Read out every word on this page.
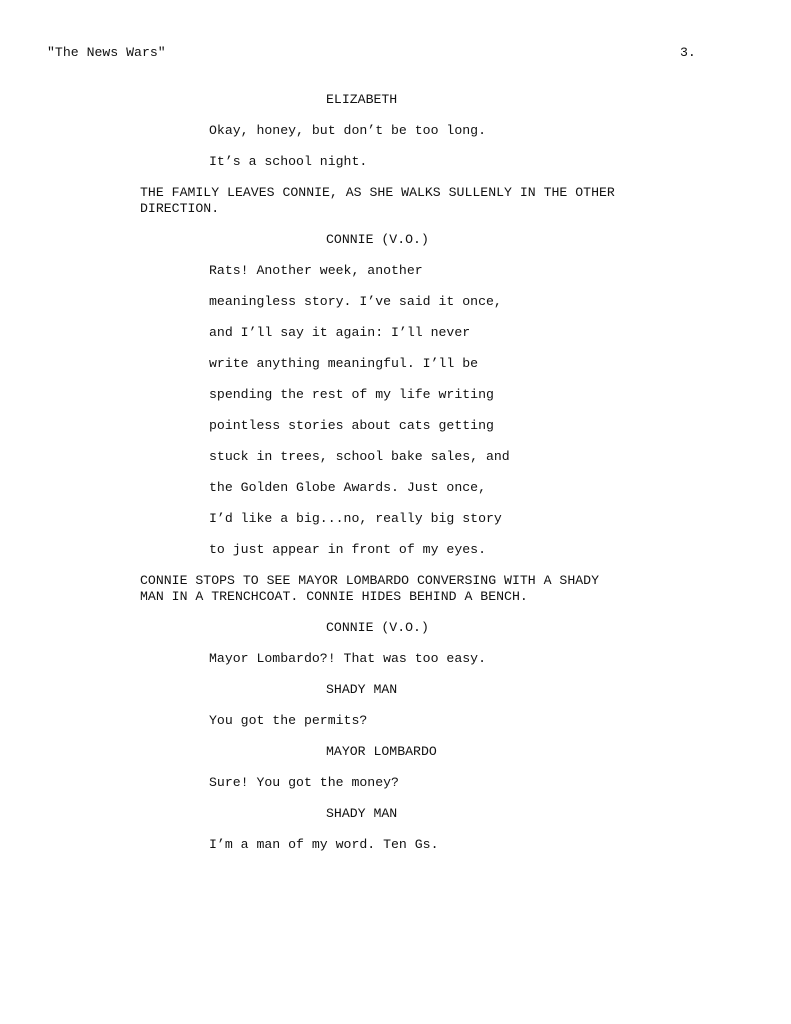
"The News Wars"	3.
ELIZABETH
Okay, honey, but don’t be too long.
It’s a school night.
THE FAMILY LEAVES CONNIE, AS SHE WALKS SULLENLY IN THE OTHER
DIRECTION.
CONNIE (V.O.)
Rats! Another week, another
meaningless story. I’ve said it once,
and I’ll say it again: I’ll never
write anything meaningful. I’ll be
spending the rest of my life writing
pointless stories about cats getting
stuck in trees, school bake sales, and
the Golden Globe Awards. Just once,
I’d like a big...no, really big story
to just appear in front of my eyes.
CONNIE STOPS TO SEE MAYOR LOMBARDO CONVERSING WITH A SHADY
MAN IN A TRENCHCOAT. CONNIE HIDES BEHIND A BENCH.
CONNIE (V.O.)
Mayor Lombardo?! That was too easy.
SHADY MAN
You got the permits?
MAYOR LOMBARDO
Sure! You got the money?
SHADY MAN
I’m a man of my word. Ten Gs.
